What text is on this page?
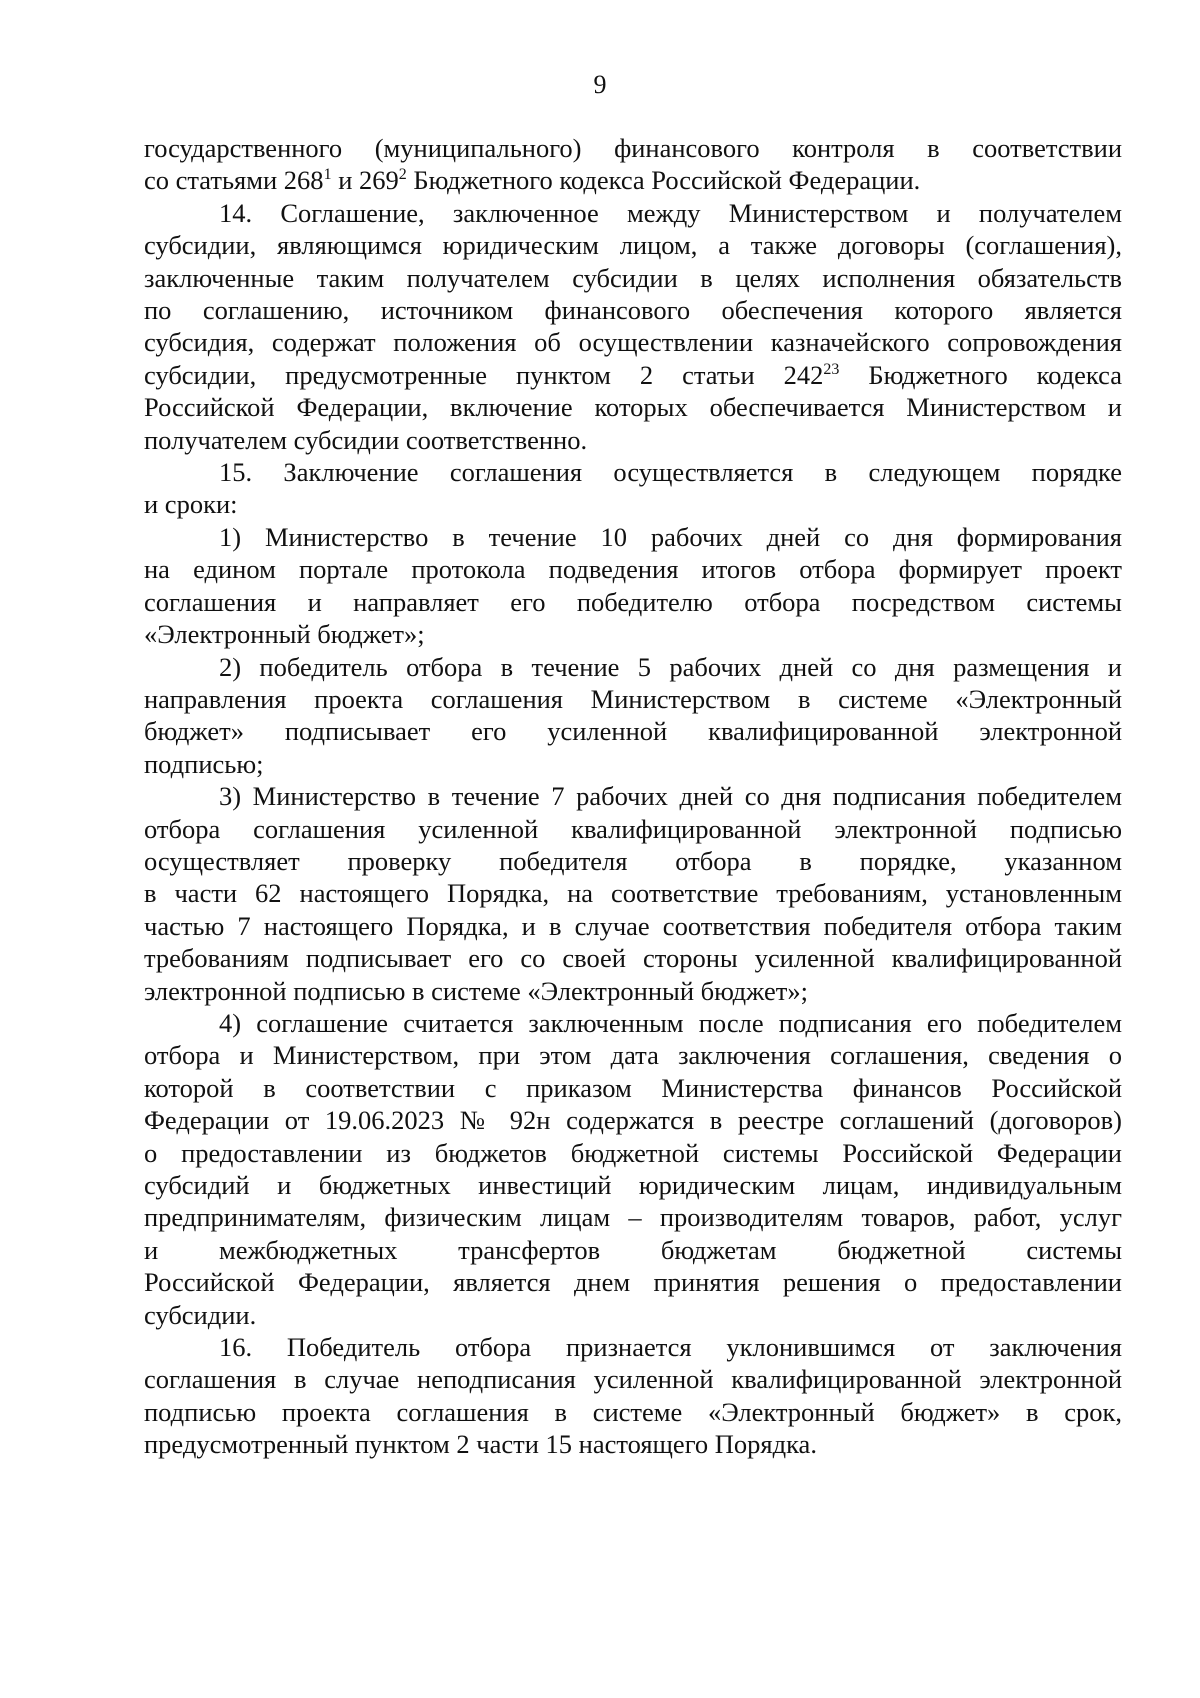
9
государственного (муниципального) финансового контроля в соответствии
со статьями $268^1$ и $269^2$ Бюджетного кодекса Российской Федерации.
14. Соглашение, заключенное между Министерством и получателем
субсидии, являющимся юридическим лицом, а также договоры (соглашения),
заключенные таким получателем субсидии в целях исполнения обязательств
по соглашению, источником финансового обеспечения которого является
субсидия, содержат положения об осуществлении казначейского сопровождения
субсидии, предусмотренные пунктом 2 статьи $242^{23}$ Бюджетного кодекса
Российской Федерации, включение которых обеспечивается Министерством и
получателем субсидии соответственно.
15. Заключение соглашения осуществляется в следующем порядке
и сроки:
1) Министерство в течение 10 рабочих дней со дня формирования
на едином портале протокола подведения итогов отбора формирует проект
соглашения и направляет его победителю отбора посредством системы
«Электронный бюджет»;
2) победитель отбора в течение 5 рабочих дней со дня размещения и
направления проекта соглашения Министерством в системе «Электронный
бюджет» подписывает его усиленной квалифицированной электронной
подписью;
3) Министерство в течение 7 рабочих дней со дня подписания победителем
отбора соглашения усиленной квалифицированной электронной подписью
осуществляет проверку победителя отбора в порядке, указанном
в части 62 настоящего Порядка, на соответствие требованиям, установленным
частью 7 настоящего Порядка, и в случае соответствия победителя отбора таким
требованиям подписывает его со своей стороны усиленной квалифицированной
электронной подписью в системе «Электронный бюджет»;
4) соглашение считается заключенным после подписания его победителем
отбора и Министерством, при этом дата заключения соглашения, сведения о
которой в соответствии с приказом Министерства финансов Российской
Федерации от 19.06.2023 № 92н содержатся в реестре соглашений (договоров)
о предоставлении из бюджетов бюджетной системы Российской Федерации
субсидий и бюджетных инвестиций юридическим лицам, индивидуальным
предпринимателям, физическим лицам – производителям товаров, работ, услуг
и межбюджетных трансфертов бюджетам бюджетной системы
Российской Федерации, является днем принятия решения о предоставлении
субсидии.
16. Победитель отбора признается уклонившимся от заключения
соглашения в случае неподписания усиленной квалифицированной электронной
подписью проекта соглашения в системе «Электронный бюджет» в срок,
предусмотренный пунктом 2 части 15 настоящего Порядка.
